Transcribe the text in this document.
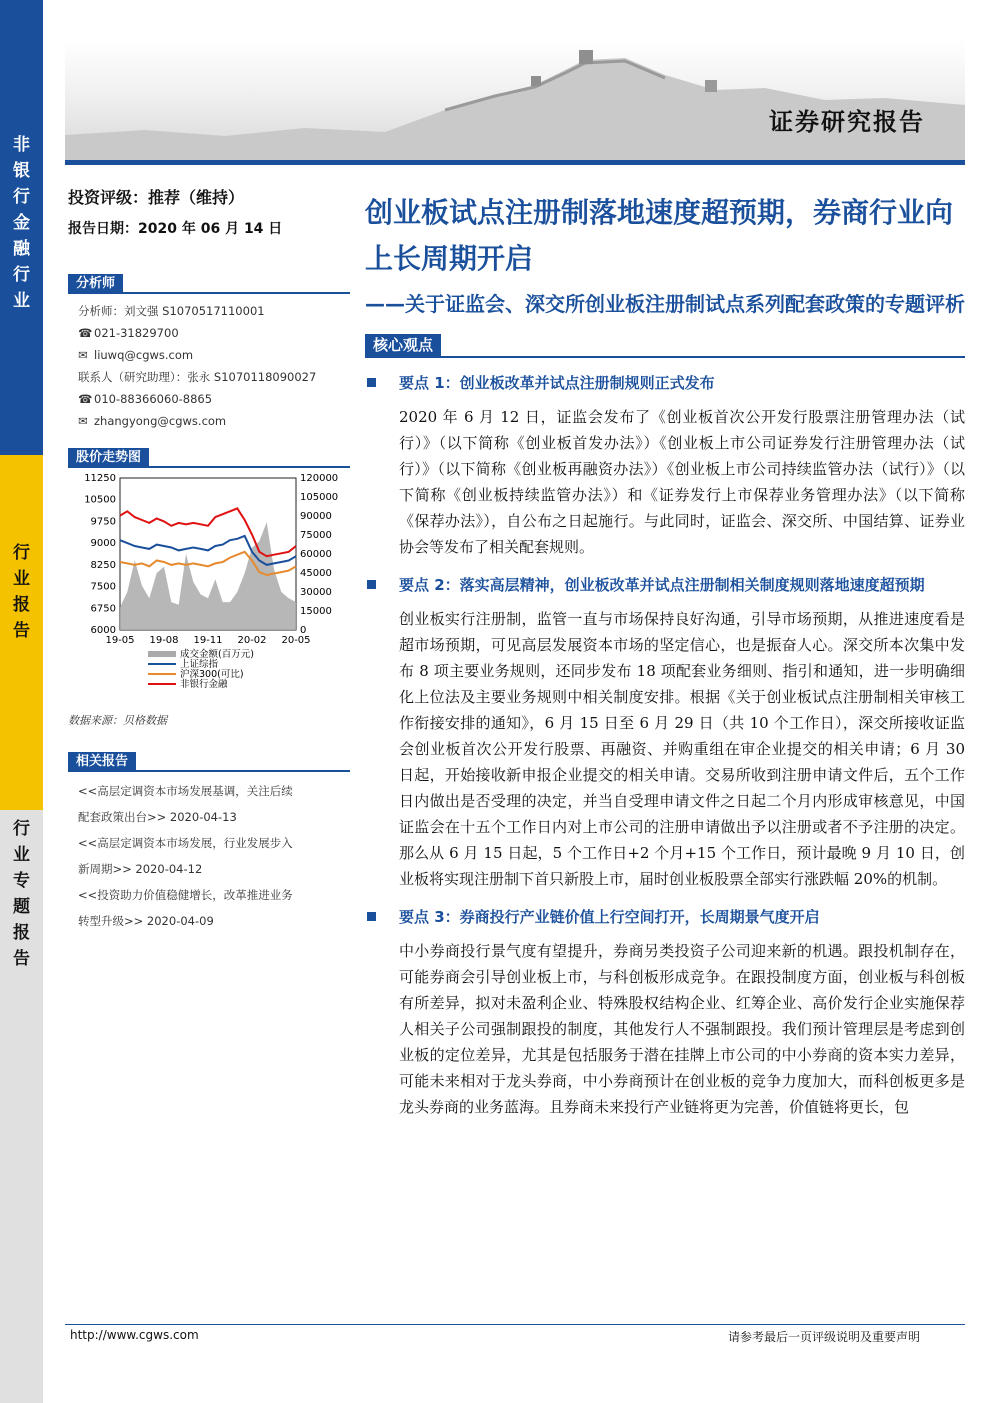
非
银
行
金
融
行
业
行
业
报
告
行
业
专
题
报
告
证券研究报告
投资评级：推荐（维持）
报告日期：2020 年 06 月 14 日
分析师
分析师：刘文强 S1070517110001
☎ 021-31829700
✉ liuwq@cgws.com
联系人（研究助理）：张永 S1070118090027
☎ 010-88366060-8865
✉ zhangyong@cgws.com
股价走势图
11250
10500
9750
9000
8250
7500
6750
6000
120000
105000
90000
75000
60000
45000
30000
15000
0
19-05 19-08 19-11 20-02 20-05
成交金额(百万元)
上证综指
沪深300(可比)
非银行金融
数据来源：贝格数据
相关报告
<<高层定调资本市场发展基调，关注后续
配套政策出台>> 2020-04-13
<<高层定调资本市场发展，行业发展步入
新周期>> 2020-04-12
<<投资助力价值稳健增长，改革推进业务
转型升级>> 2020-04-09
创业板试点注册制落地速度超预期，券商行业向上长周期开启
——关于证监会、深交所创业板注册制试点系列配套政策的专题评析
核心观点
要点 1：创业板改革并试点注册制规则正式发布
2020 年 6 月 12 日，证监会发布了《创业板首次公开发行股票注册管理办法（试行）》（以下简称《创业板首发办法》）《创业板上市公司证券发行注册管理办法（试行）》（以下简称《创业板再融资办法》）《创业板上市公司持续监管办法（试行）》（以下简称《创业板持续监管办法》）和《证券发行上市保荐业务管理办法》（以下简称《保荐办法》），自公布之日起施行。与此同时，证监会、深交所、中国结算、证券业协会等发布了相关配套规则。
要点 2：落实高层精神，创业板改革并试点注册制相关制度规则落地速度超预期
创业板实行注册制，监管一直与市场保持良好沟通，引导市场预期，从推进速度看是超市场预期，可见高层发展资本市场的坚定信心，也是振奋人心。深交所本次集中发布 8 项主要业务规则，还同步发布 18 项配套业务细则、指引和通知，进一步明确细化上位法及主要业务规则中相关制度安排。根据《关于创业板试点注册制相关审核工作衔接安排的通知》，6 月 15 日至 6 月 29 日（共 10 个工作日），深交所接收证监会创业板首次公开发行股票、再融资、并购重组在审企业提交的相关申请；6 月 30 日起，开始接收新申报企业提交的相关申请。交易所收到注册申请文件后，五个工作日内做出是否受理的决定，并当自受理申请文件之日起二个月内形成审核意见，中国证监会在十五个工作日内对上市公司的注册申请做出予以注册或者不予注册的决定。那么从 6 月 15 日起，5 个工作日+2 个月+15 个工作日，预计最晚 9 月 10 日，创业板将实现注册制下首只新股上市，届时创业板股票全部实行涨跌幅 20%的机制。
要点 3：券商投行产业链价值上行空间打开，长周期景气度开启
中小券商投行景气度有望提升，券商另类投资子公司迎来新的机遇。跟投机制存在，可能券商会引导创业板上市，与科创板形成竞争。在跟投制度方面，创业板与科创板有所差异，拟对未盈利企业、特殊股权结构企业、红筹企业、高价发行企业实施保荐人相关子公司强制跟投的制度，其他发行人不强制跟投。我们预计管理层是考虑到创业板的定位差异，尤其是包括服务于潜在挂牌上市公司的中小券商的资本实力差异，可能未来相对于龙头券商，中小券商预计在创业板的竞争力度加大，而科创板更多是龙头券商的业务蓝海。且券商未来投行产业链将更为完善，价值链将更长，包
http://www.cgws.com	请参考最后一页评级说明及重要声明
